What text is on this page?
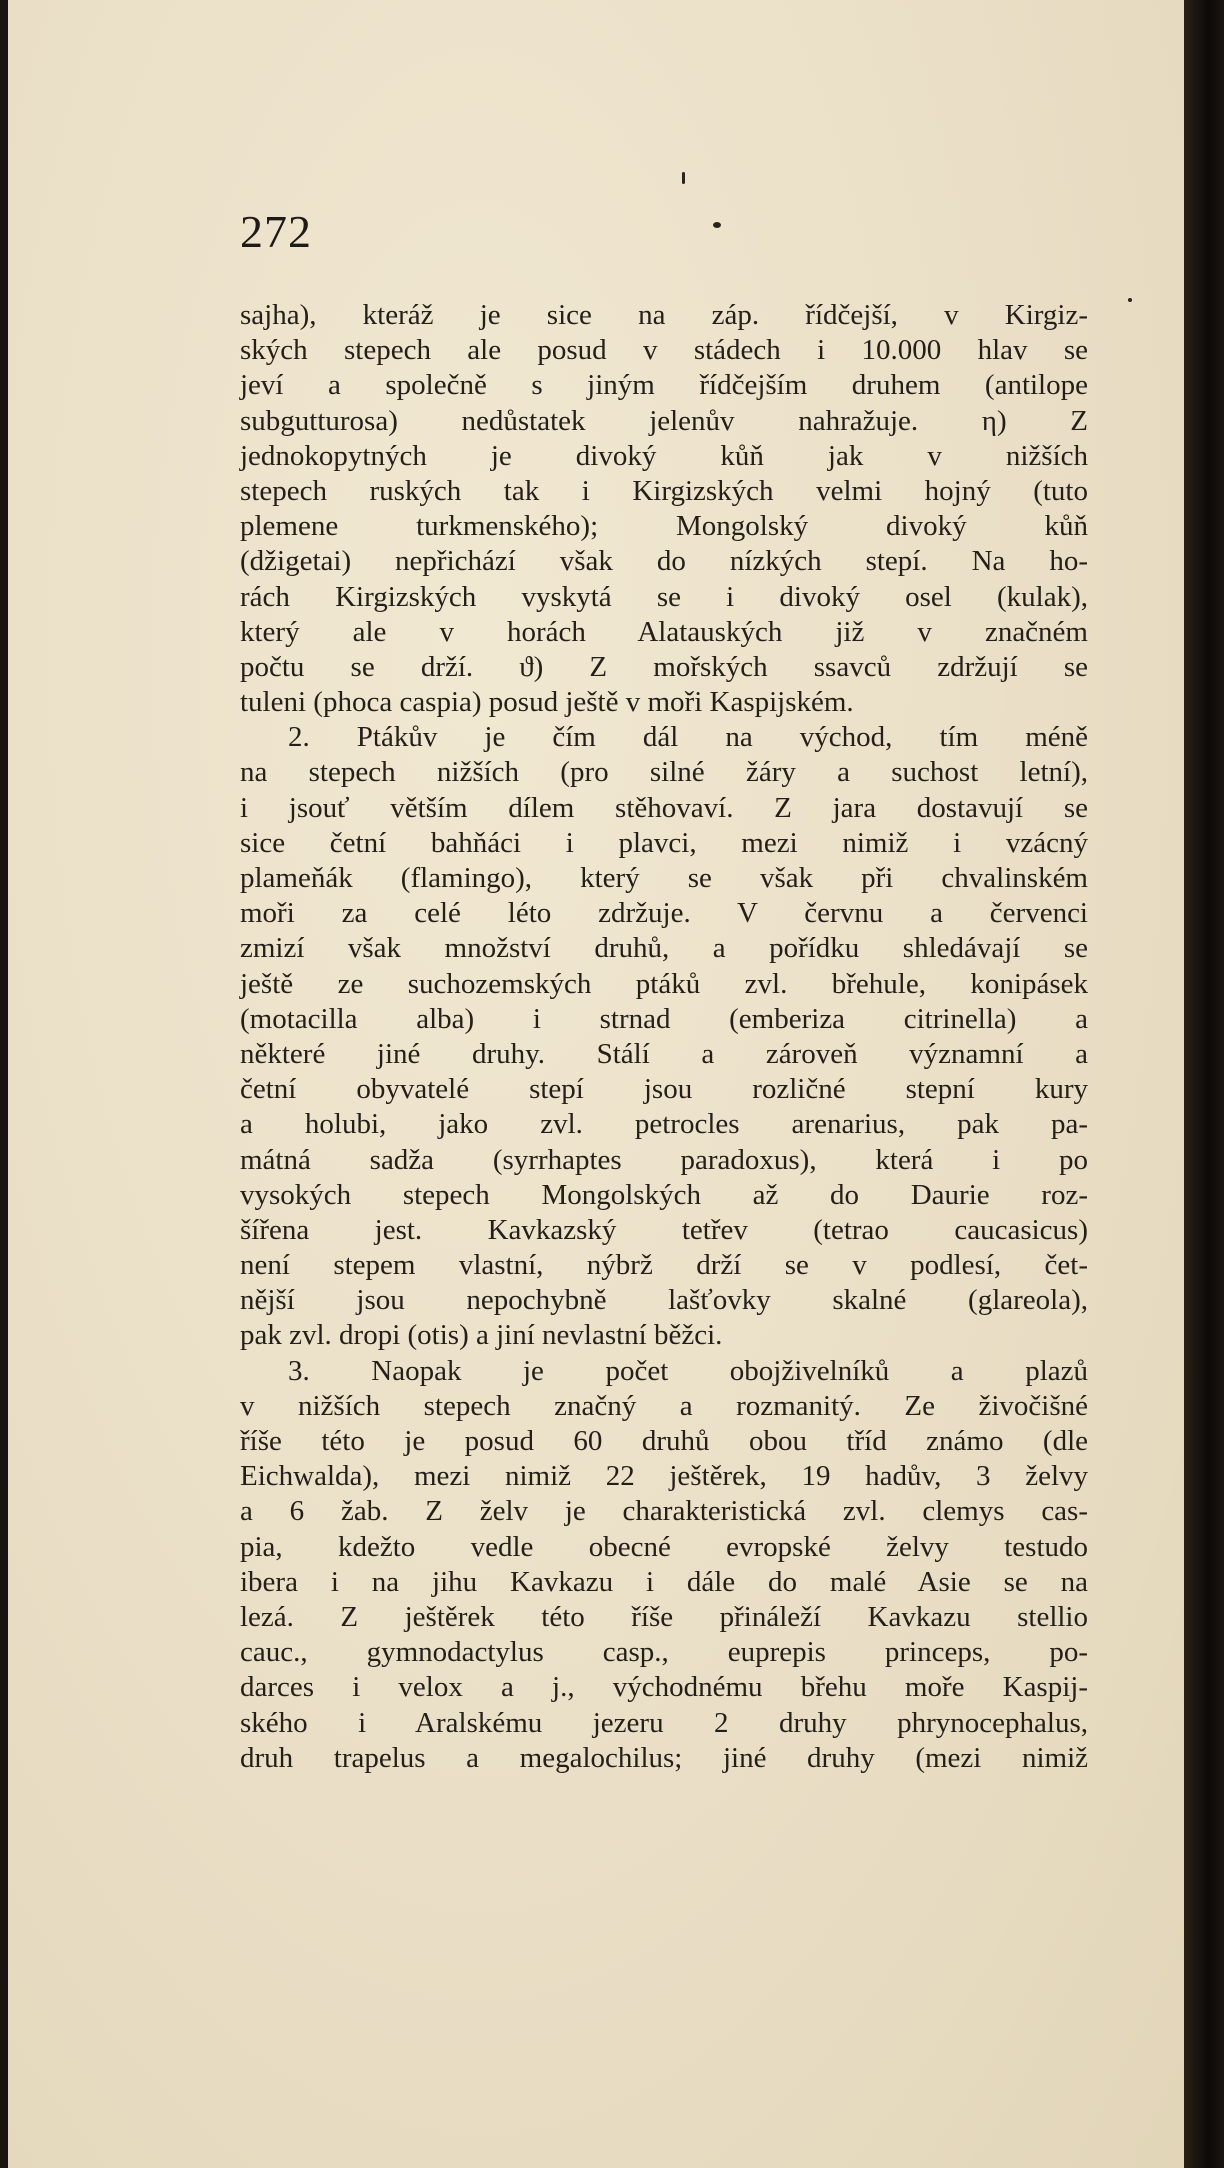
272
sajha), kteráž je sice na záp. řídčejší, v Kirgiz-
ských stepech ale posud v stádech i 10.000 hlav se
jeví a společně s jiným řídčejším druhem (antilope
subgutturosa) nedůstatek jelenův nahražuje. η) Z
jednokopytných je divoký kůň jak v nižších
stepech ruských tak i Kirgizských velmi hojný (tuto
plemene turkmenského); Mongolský divoký kůň
(džigetai) nepřichází však do nízkých stepí. Na ho-
rách Kirgizských vyskytá se i divoký osel (kulak),
který ale v horách Alatauských již v značném
počtu se drží. ϑ) Z mořských ssavců zdržují se
tuleni (phoca caspia) posud ještě v moři Kaspijském.
2. Ptákův je čím dál na východ, tím méně
na stepech nižších (pro silné žáry a suchost letní),
i jsouť větším dílem stěhovaví. Z jara dostavují se
sice četní bahňáci i plavci, mezi nimiž i vzácný
plameňák (flamingo), který se však při chvalinském
moři za celé léto zdržuje. V červnu a červenci
zmizí však množství druhů, a pořídku shledávají se
ještě ze suchozemských ptáků zvl. břehule, konipásek
(motacilla alba) i strnad (emberiza citrinella) a
některé jiné druhy. Stálí a zároveň významní a
četní obyvatelé stepí jsou rozličné stepní kury
a holubi, jako zvl. petrocles arenarius, pak pa-
mátná sadža (syrrhaptes paradoxus), která i po
vysokých stepech Mongolských až do Daurie roz-
šířena jest. Kavkazský tetřev (tetrao caucasicus)
není stepem vlastní, nýbrž drží se v podlesí, čet-
nější jsou nepochybně lašťovky skalné (glareola),
pak zvl. dropi (otis) a jiní nevlastní běžci.
3. Naopak je počet obojživelníků a plazů
v nižších stepech značný a rozmanitý. Ze živočišné
říše této je posud 60 druhů obou tříd známo (dle
Eichwalda), mezi nimiž 22 ještěrek, 19 hadův, 3 želvy
a 6 žab. Z želv je charakteristická zvl. clemys cas-
pia, kdežto vedle obecné evropské želvy testudo
ibera i na jihu Kavkazu i dále do malé Asie se na
lezá. Z ještěrek této říše přináleží Kavkazu stellio
cauc., gymnodactylus casp., euprepis princeps, po-
darces i velox a j., východnému břehu moře Kaspij-
ského i Aralskému jezeru 2 druhy phrynocephalus,
druh trapelus a megalochilus; jiné druhy (mezi nimiž
